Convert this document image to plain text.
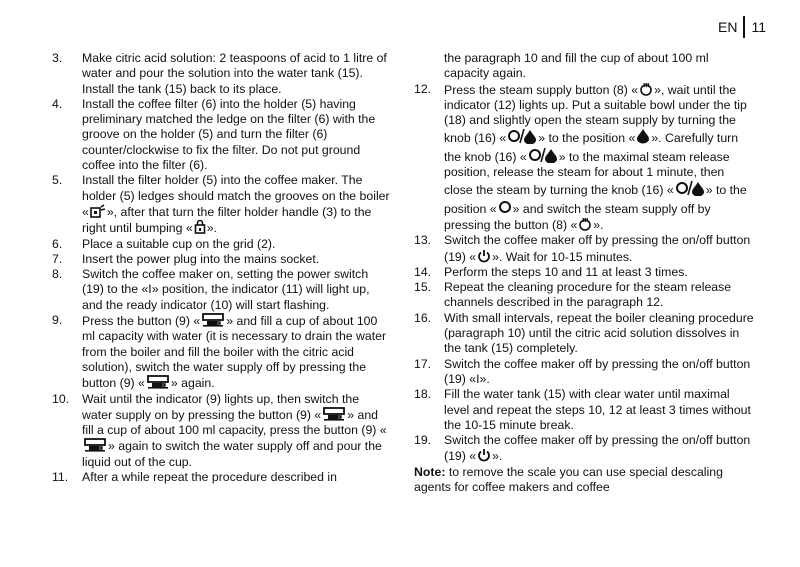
EN 11
3.	Make citric acid solution: 2 teaspoons of acid to 1 litre of water and pour the solution into the water tank (15). Install the tank (15) back to its place.
4.	Install the coffee filter (6) into the holder (5) having preliminary matched the ledge on the filter (6) with the groove on the holder (5) and turn the filter (6) counter/clockwise to fix the filter. Do not put ground coffee into the filter (6).
5.	Install the filter holder (5) into the coffee maker. The holder (5) ledges should match the grooves on the boiler « », after that turn the filter holder handle (3) to the right until bumping « ».
6.	Place a suitable cup on the grid (2).
7.	Insert the power plug into the mains socket.
8.	Switch the coffee maker on, setting the power switch (19) to the «I» position, the indicator (11) will light up, and the ready indicator (10) will start flashing.
9.	Press the button (9) « » and fill a cup of about 100 ml capacity with water (it is necessary to drain the water from the boiler and fill the boiler with the citric acid solution), switch the water supply off by pressing the button (9) « » again.
10.	Wait until the indicator (9) lights up, then switch the water supply on by pressing the button (9) « » and fill a cup of about 100 ml capacity, press the button (9) «» again to switch the water supply off and pour the liquid out of the cup.
11.	After a while repeat the procedure described in
the paragraph 10 and fill the cup of about 100 ml capacity again.
12.	Press the steam supply button (8) « », wait until the indicator (12) lights up. Put a suitable bowl under the tip (18) and slightly open the steam supply by turning the knob (16) «	» to the position « ». Carefully turn the knob (16) «	» to the maximal steam release position, release the steam for about 1 minute, then close the steam by turning the knob (16) «	» to the position « » and switch the steam supply off by pressing the button (8) « ».
13.	Switch the coffee maker off by pressing the on/off button (19) « ». Wait for 10-15 minutes.
14.	Perform the steps 10 and 11 at least 3 times.
15.	Repeat the cleaning procedure for the steam release channels described in the paragraph 12.
16.	With small intervals, repeat the boiler cleaning procedure (paragraph 10) until the citric acid solution dissolves in the tank (15) completely.
17.	Switch the coffee maker off by pressing the on/off button (19) «I».
18.	Fill the water tank (15) with clear water until maximal level and repeat the steps 10, 12 at least 3 times without the 10-15 minute break.
19.	Switch the coffee maker off by pressing the on/off button (19) « ».
Note: to remove the scale you can use special descaling agents for coffee makers and coffee
